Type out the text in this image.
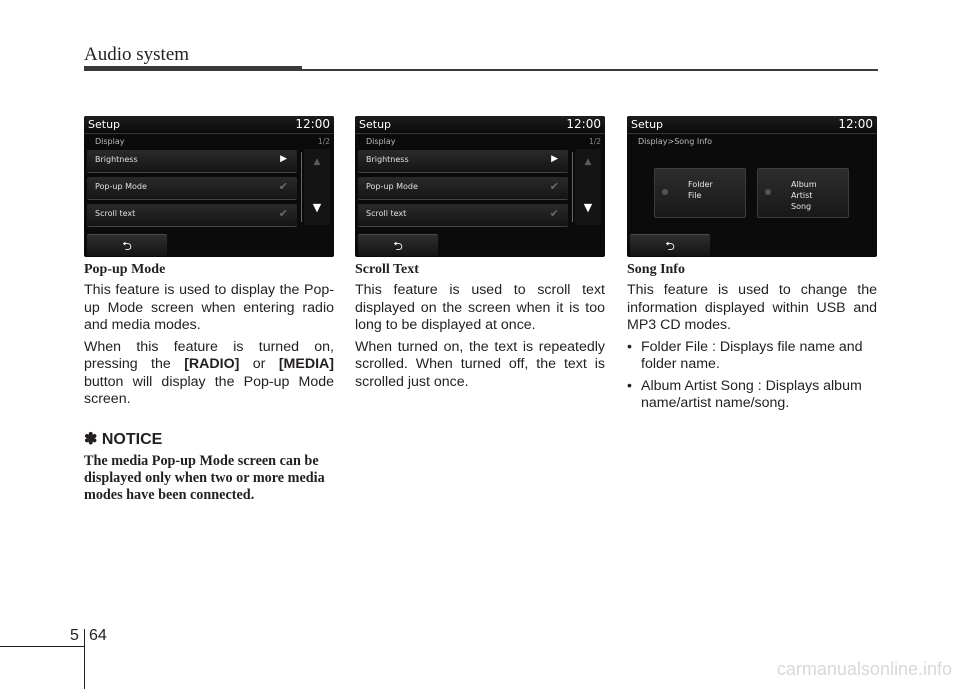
Audio system
Setup	12:00
Display	1/2
Brightness	▶
Pop-up Mode	✔
Scroll text	✔
▲
▼
⮌
Pop-up Mode
This feature is used to display the Pop-up Mode screen when entering radio and media modes.
When this feature is turned on, pressing the [RADIO] or [MEDIA] button will display the Pop-up Mode screen.
✽ NOTICE
The media Pop-up Mode screen can be displayed only when two or more media modes have been connected.
Setup	12:00
Display	1/2
Brightness	▶
Pop-up Mode	✔
Scroll text	✔
▲
▼
⮌
Scroll Text
This feature is used to scroll text displayed on the screen when it is too long to be displayed at once.
When turned on, the text is repeatedly scrolled. When turned off, the text is scrolled just once.
Setup	12:00
Display>Song Info
Folder
File
Album
Artist
Song
⮌
Song Info
This feature is used to change the information displayed within USB and MP3 CD modes.
• Folder File : Displays file name and folder name.
• Album Artist Song : Displays album name/artist name/song.
5 64
carmanualsonline.info
